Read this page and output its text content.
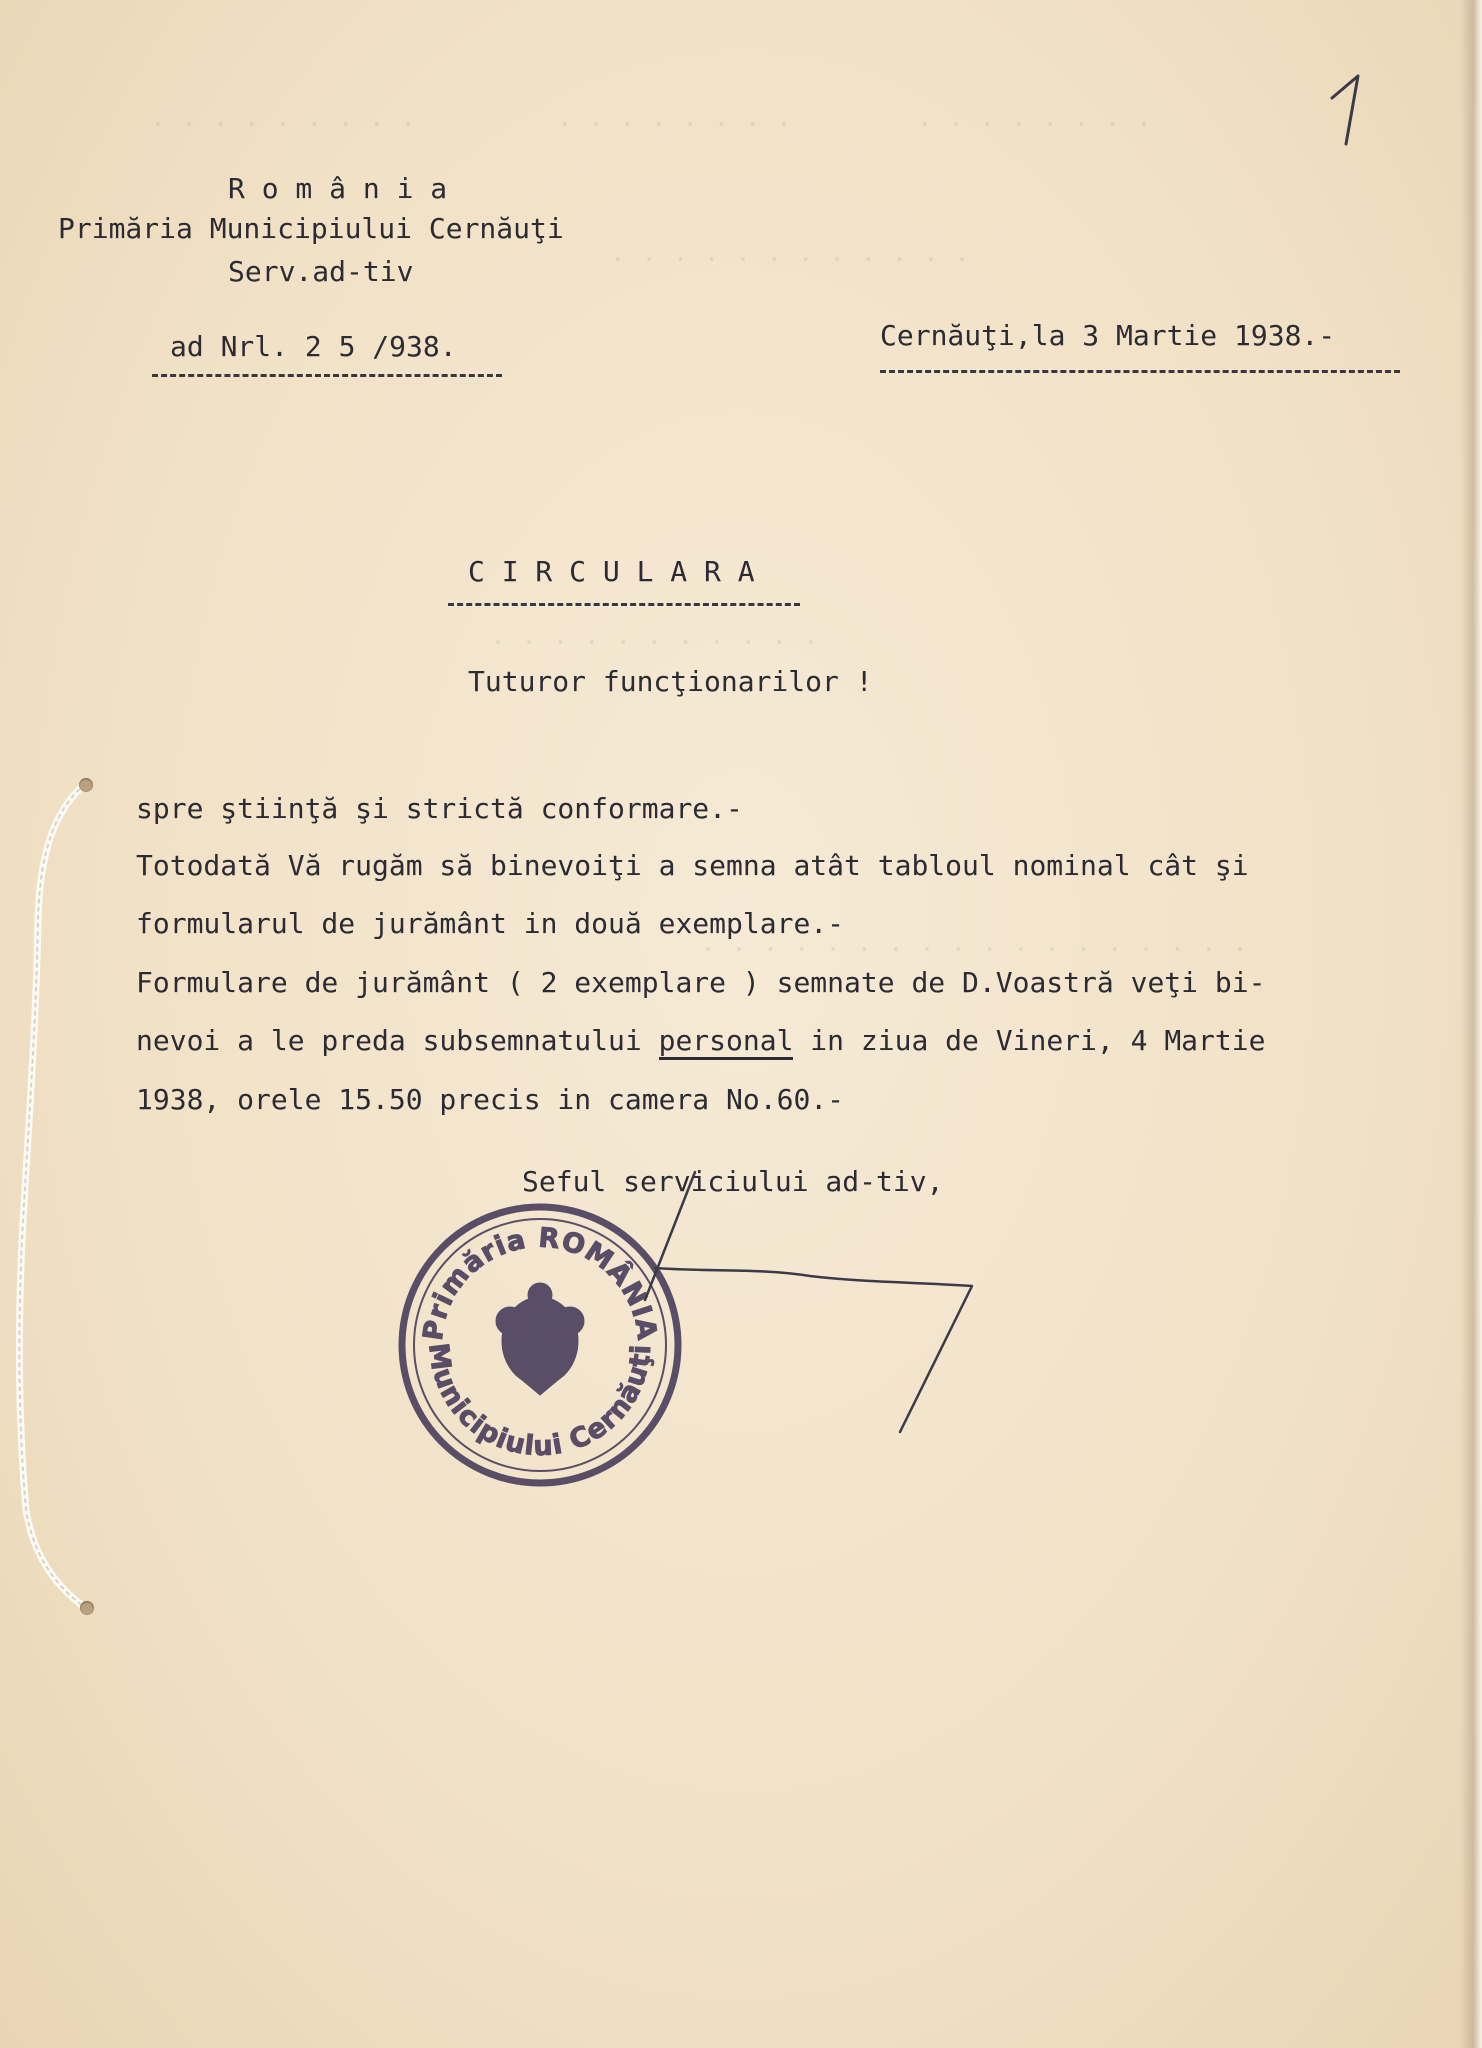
· · · · · · · · ·         · · · · · · · ·        · · · · · · · ·
· · · · · · · · · · · ·
· · · · · · · · · · ·
· · · · · · · · · · · · · · · · · ·
R o m â n i a
Primăria Municipiului Cernăuţi
Serv.ad-tiv
ad Nrl. 2 5 /938.	Cernăuţi,la 3 Martie 1938.-
C I R C U L A R A
Tuturor funcţionarilor !
spre ştiinţă şi strictă conformare.-
Totodată Vă rugăm să binevoiţi a semna atât tabloul nominal cât şi
formularul de jurământ in două exemplare.-
Formulare de jurământ ( 2 exemplare ) semnate de D.Voastră veţi bi-
nevoi a le preda subsemnatului personal in ziua de Vineri, 4 Martie
1938, orele 15.50 precis in camera No.60.-
Seful serviciului ad-tiv,
Primăria ROMÂNIA
Municipiului Cernăuţi
